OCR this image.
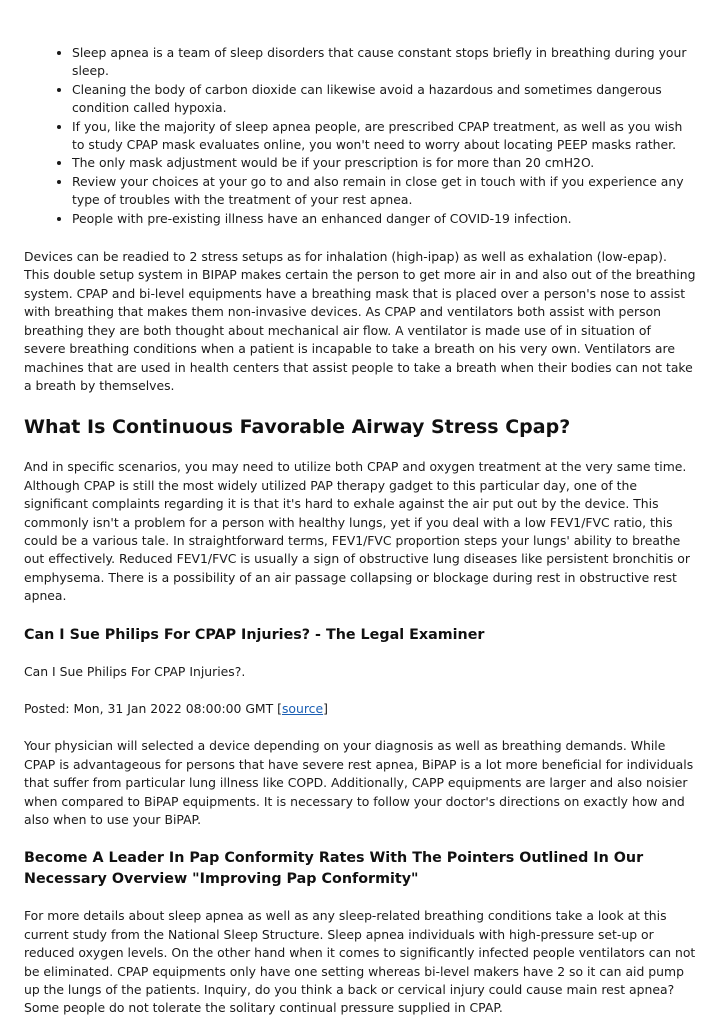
• Sleep apnea is a team of sleep disorders that cause constant stops briefly in breathing during your sleep.
• Cleaning the body of carbon dioxide can likewise avoid a hazardous and sometimes dangerous condition called hypoxia.
• If you, like the majority of sleep apnea people, are prescribed CPAP treatment, as well as you wish to study CPAP mask evaluates online, you won't need to worry about locating PEEP masks rather.
• The only mask adjustment would be if your prescription is for more than 20 cmH2O.
• Review your choices at your go to and also remain in close get in touch with if you experience any type of troubles with the treatment of your rest apnea.
• People with pre-existing illness have an enhanced danger of COVID-19 infection.

Devices can be readied to 2 stress setups as for inhalation (high-ipap) as well as exhalation (low-epap). This double setup system in BIPAP makes certain the person to get more air in and also out of the breathing system. CPAP and bi-level equipments have a breathing mask that is placed over a person's nose to assist with breathing that makes them non-invasive devices. As CPAP and ventilators both assist with person breathing they are both thought about mechanical air flow. A ventilator is made use of in situation of severe breathing conditions when a patient is incapable to take a breath on his very own. Ventilators are machines that are used in health centers that assist people to take a breath when their bodies can not take a breath by themselves.

What Is Continuous Favorable Airway Stress Cpap?

And in specific scenarios, you may need to utilize both CPAP and oxygen treatment at the very same time. Although CPAP is still the most widely utilized PAP therapy gadget to this particular day, one of the significant complaints regarding it is that it's hard to exhale against the air put out by the device. This commonly isn't a problem for a person with healthy lungs, yet if you deal with a low FEV1/FVC ratio, this could be a various tale. In straightforward terms, FEV1/FVC proportion steps your lungs' ability to breathe out effectively. Reduced FEV1/FVC is usually a sign of obstructive lung diseases like persistent bronchitis or emphysema. There is a possibility of an air passage collapsing or blockage during rest in obstructive rest apnea.

Can I Sue Philips For CPAP Injuries? - The Legal Examiner

Can I Sue Philips For CPAP Injuries?.

Posted: Mon, 31 Jan 2022 08:00:00 GMT [source]

Your physician will selected a device depending on your diagnosis as well as breathing demands. While CPAP is advantageous for persons that have severe rest apnea, BiPAP is a lot more beneficial for individuals that suffer from particular lung illness like COPD. Additionally, CAPP equipments are larger and also noisier when compared to BiPAP equipments. It is necessary to follow your doctor's directions on exactly how and also when to use your BiPAP.

Become A Leader In Pap Conformity Rates With The Pointers Outlined In Our Necessary Overview "Improving Pap Conformity"

For more details about sleep apnea as well as any sleep-related breathing conditions take a look at this current study from the National Sleep Structure. Sleep apnea individuals with high-pressure set-up or reduced oxygen levels. On the other hand when it comes to significantly infected people ventilators can not be eliminated. CPAP equipments only have one setting whereas bi-level makers have 2 so it can aid pump up the lungs of the patients. Inquiry, do you think a back or cervical injury could cause main rest apnea? Some people do not tolerate the solitary continual pressure supplied in CPAP.
